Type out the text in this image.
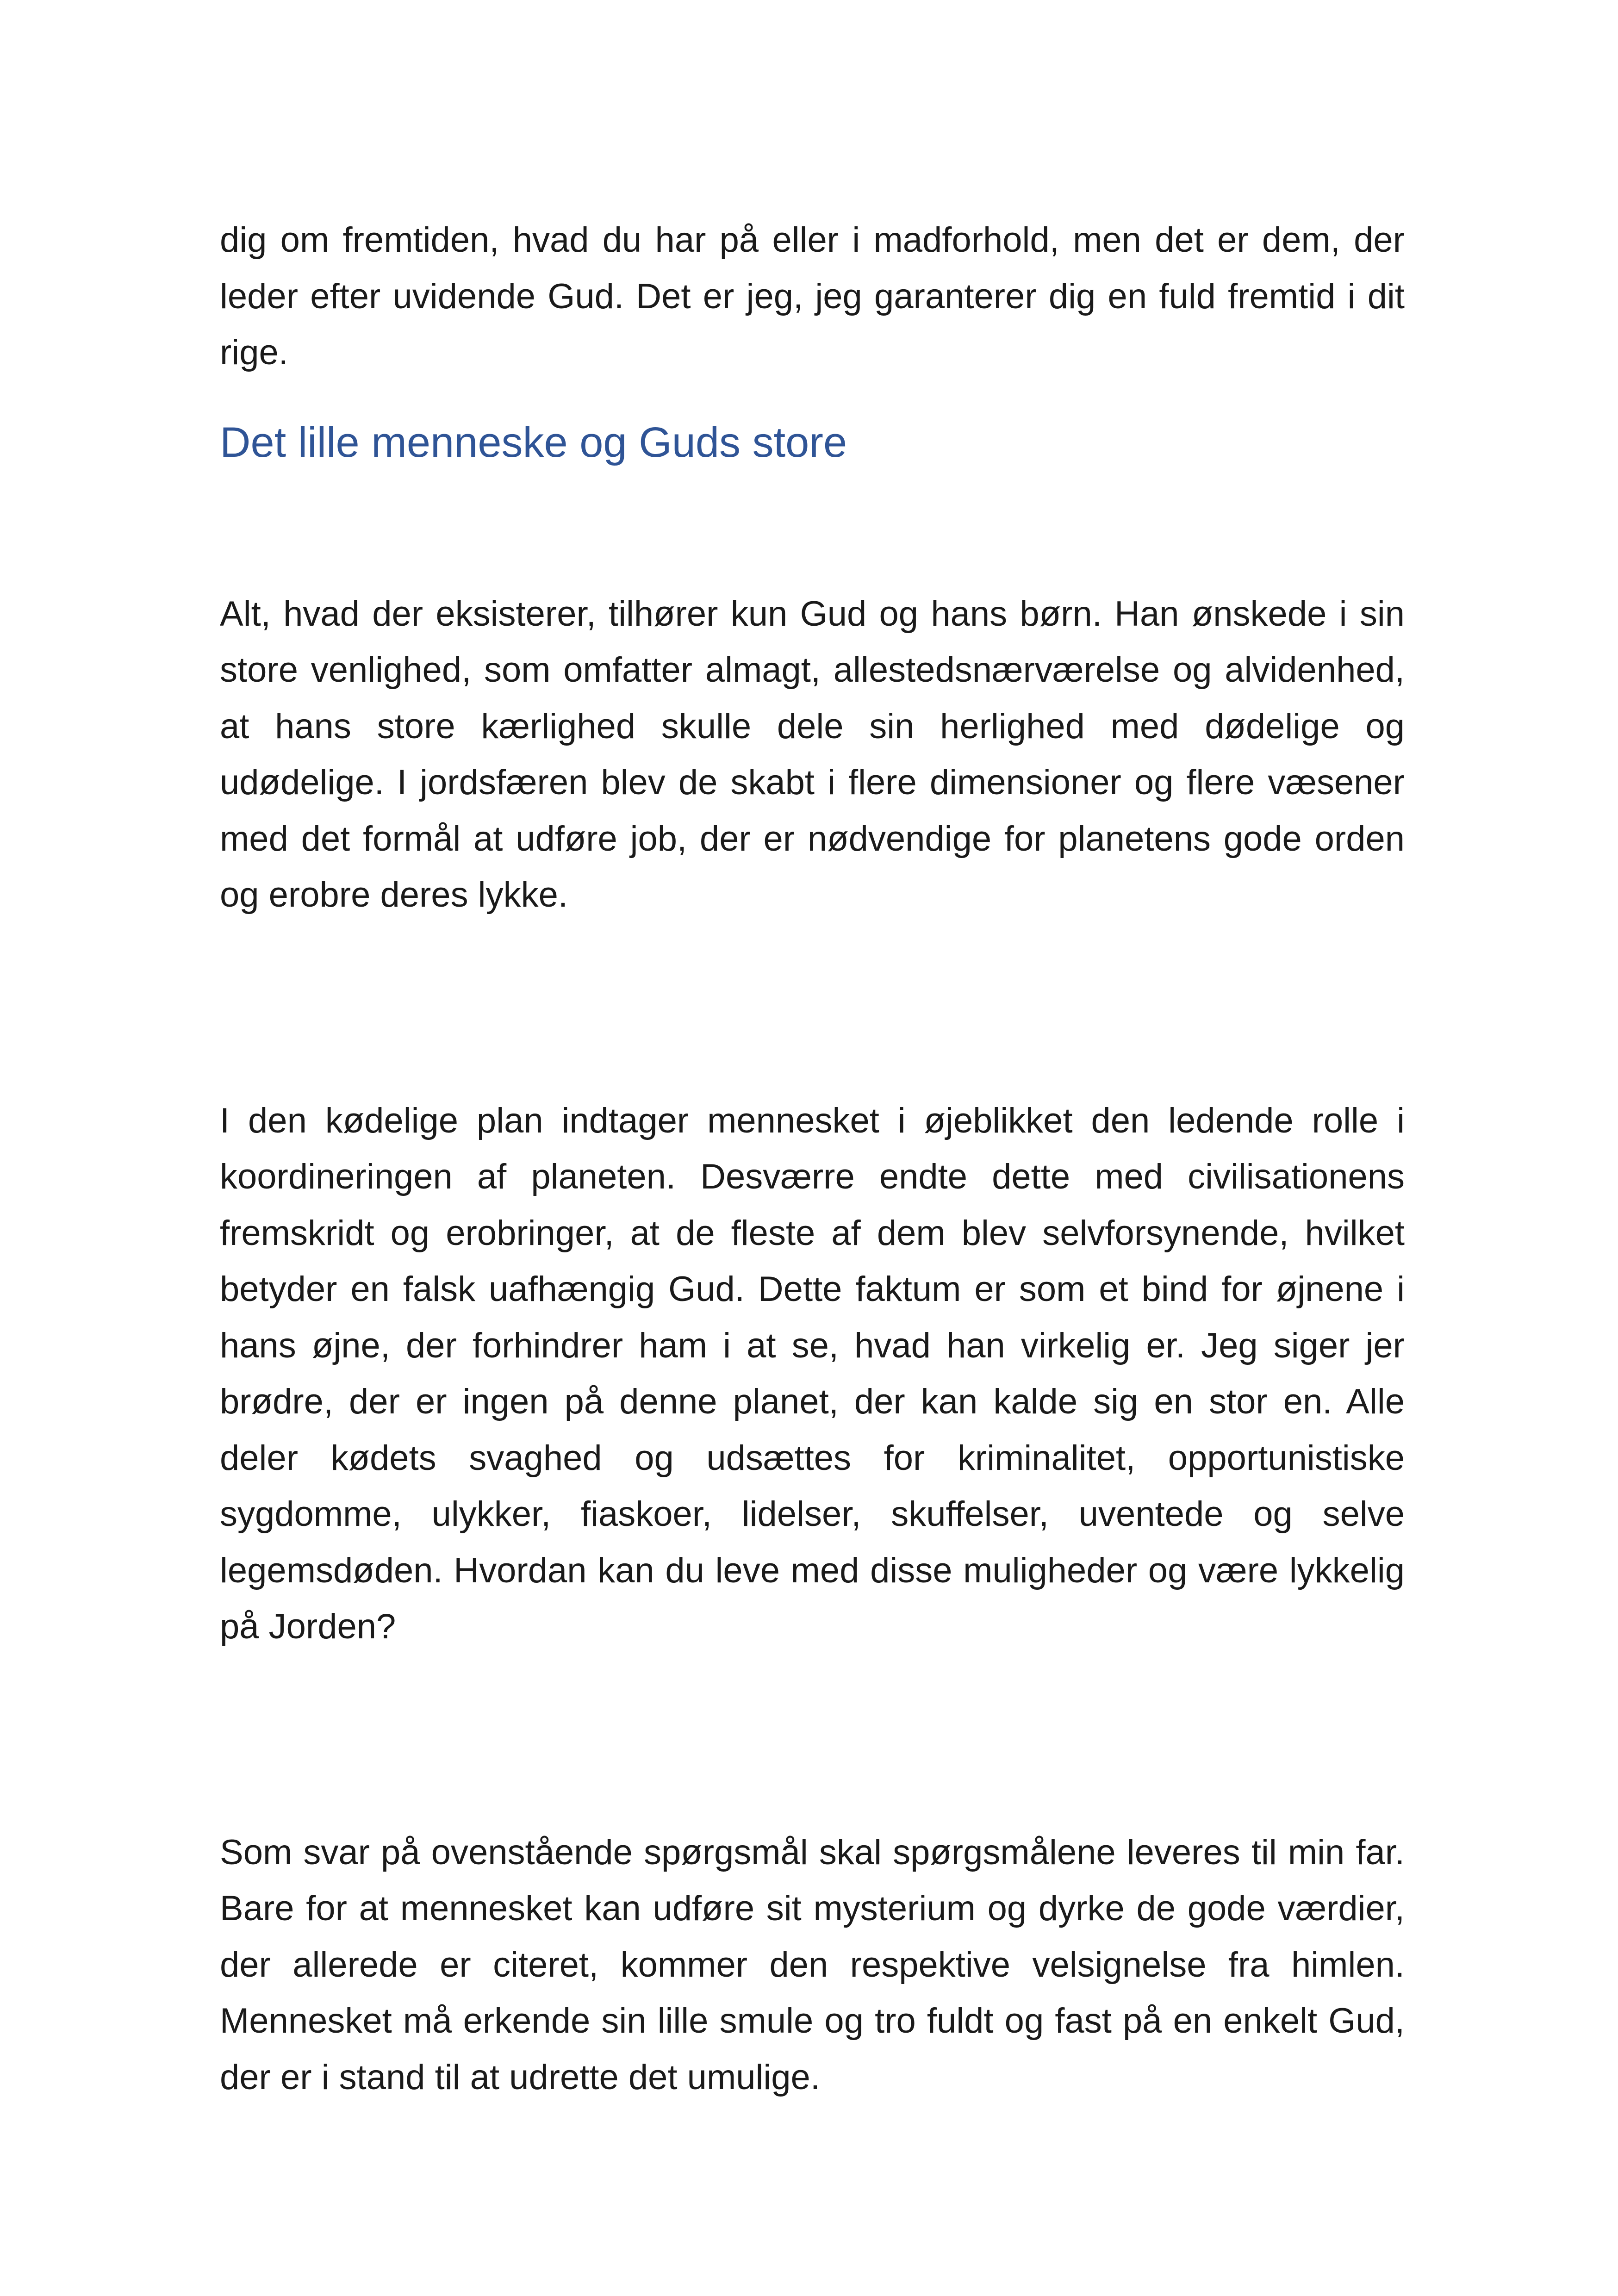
dig om fremtiden, hvad du har på eller i madforhold, men det er dem, der leder efter uvidende Gud. Det er jeg, jeg garanterer dig en fuld fremtid i dit rige.

Det lille menneske og Guds store

Alt, hvad der eksisterer, tilhører kun Gud og hans børn. Han ønskede i sin store venlighed, som omfatter almagt, allestedsnærværelse og alvidenhed, at hans store kærlighed skulle dele sin herlighed med dødelige og udødelige. I jordsfæren blev de skabt i flere dimensioner og flere væsener med det formål at udføre job, der er nødvendige for planetens gode orden og erobre deres lykke.

I den kødelige plan indtager mennesket i øjeblikket den ledende rolle i koordineringen af planeten. Desværre endte dette med civilisationens fremskridt og erobringer, at de fleste af dem blev selvforsynende, hvilket betyder en falsk uafhængig Gud. Dette faktum er som et bind for øjnene i hans øjne, der forhindrer ham i at se, hvad han virkelig er. Jeg siger jer brødre, der er ingen på denne planet, der kan kalde sig en stor en. Alle deler kødets svaghed og udsættes for kriminalitet, opportunistiske sygdomme, ulykker, fiaskoer, lidelser, skuffelser, uventede og selve legemsdøden. Hvordan kan du leve med disse muligheder og være lykkelig på Jorden?

Som svar på ovenstående spørgsmål skal spørgsmålene leveres til min far. Bare for at mennesket kan udføre sit mysterium og dyrke de gode værdier, der allerede er citeret, kommer den respektive velsignelse fra himlen. Mennesket må erkende sin lille smule og tro fuldt og fast på en enkelt Gud, der er i stand til at udrette det umulige.
